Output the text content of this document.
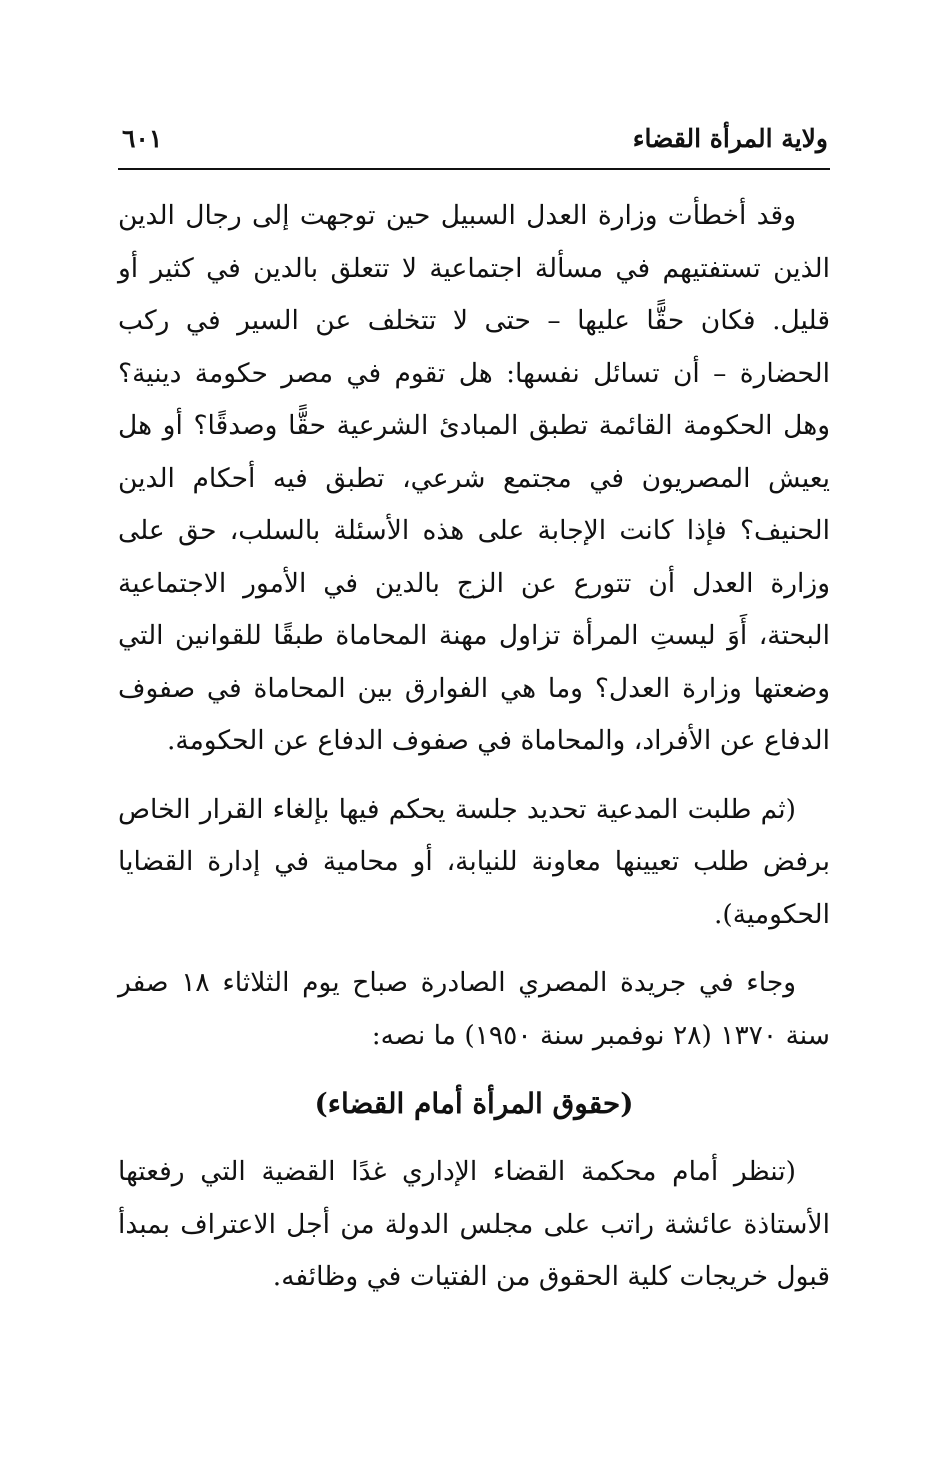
ولاية المرأة القضاء
٦٠١

وقد أخطأت وزارة العدل السبيل حين توجهت إلى رجال الدين الذين تستفتيهم في مسألة اجتماعية لا تتعلق بالدين في كثير أو قليل. فكان حقًّا عليها – حتى لا تتخلف عن السير في ركب الحضارة – أن تسائل نفسها: هل تقوم في مصر حكومة دينية؟ وهل الحكومة القائمة تطبق المبادئ الشرعية حقًّا وصدقًا؟ أو هل يعيش المصريون في مجتمع شرعي، تطبق فيه أحكام الدين الحنيف؟ فإذا كانت الإجابة على هذه الأسئلة بالسلب، حق على وزارة العدل أن تتورع عن الزج بالدين في الأمور الاجتماعية البحتة، أَوَ ليستِ المرأة تزاول مهنة المحاماة طبقًا للقوانين التي وضعتها وزارة العدل؟ وما هي الفوارق بين المحاماة في صفوف الدفاع عن الأفراد، والمحاماة في صفوف الدفاع عن الحكومة.

(ثم طلبت المدعية تحديد جلسة يحكم فيها بإلغاء القرار الخاص برفض طلب تعيينها معاونة للنيابة، أو محامية في إدارة القضايا الحكومية).

وجاء في جريدة المصري الصادرة صباح يوم الثلاثاء ١٨ صفر سنة ١٣٧٠ (٢٨ نوفمبر سنة ١٩٥٠) ما نصه:

(حقوق المرأة أمام القضاء)

(تنظر أمام محكمة القضاء الإداري غدًا القضية التي رفعتها الأستاذة عائشة راتب على مجلس الدولة من أجل الاعتراف بمبدأ قبول خريجات كلية الحقوق من الفتيات في وظائفه.
